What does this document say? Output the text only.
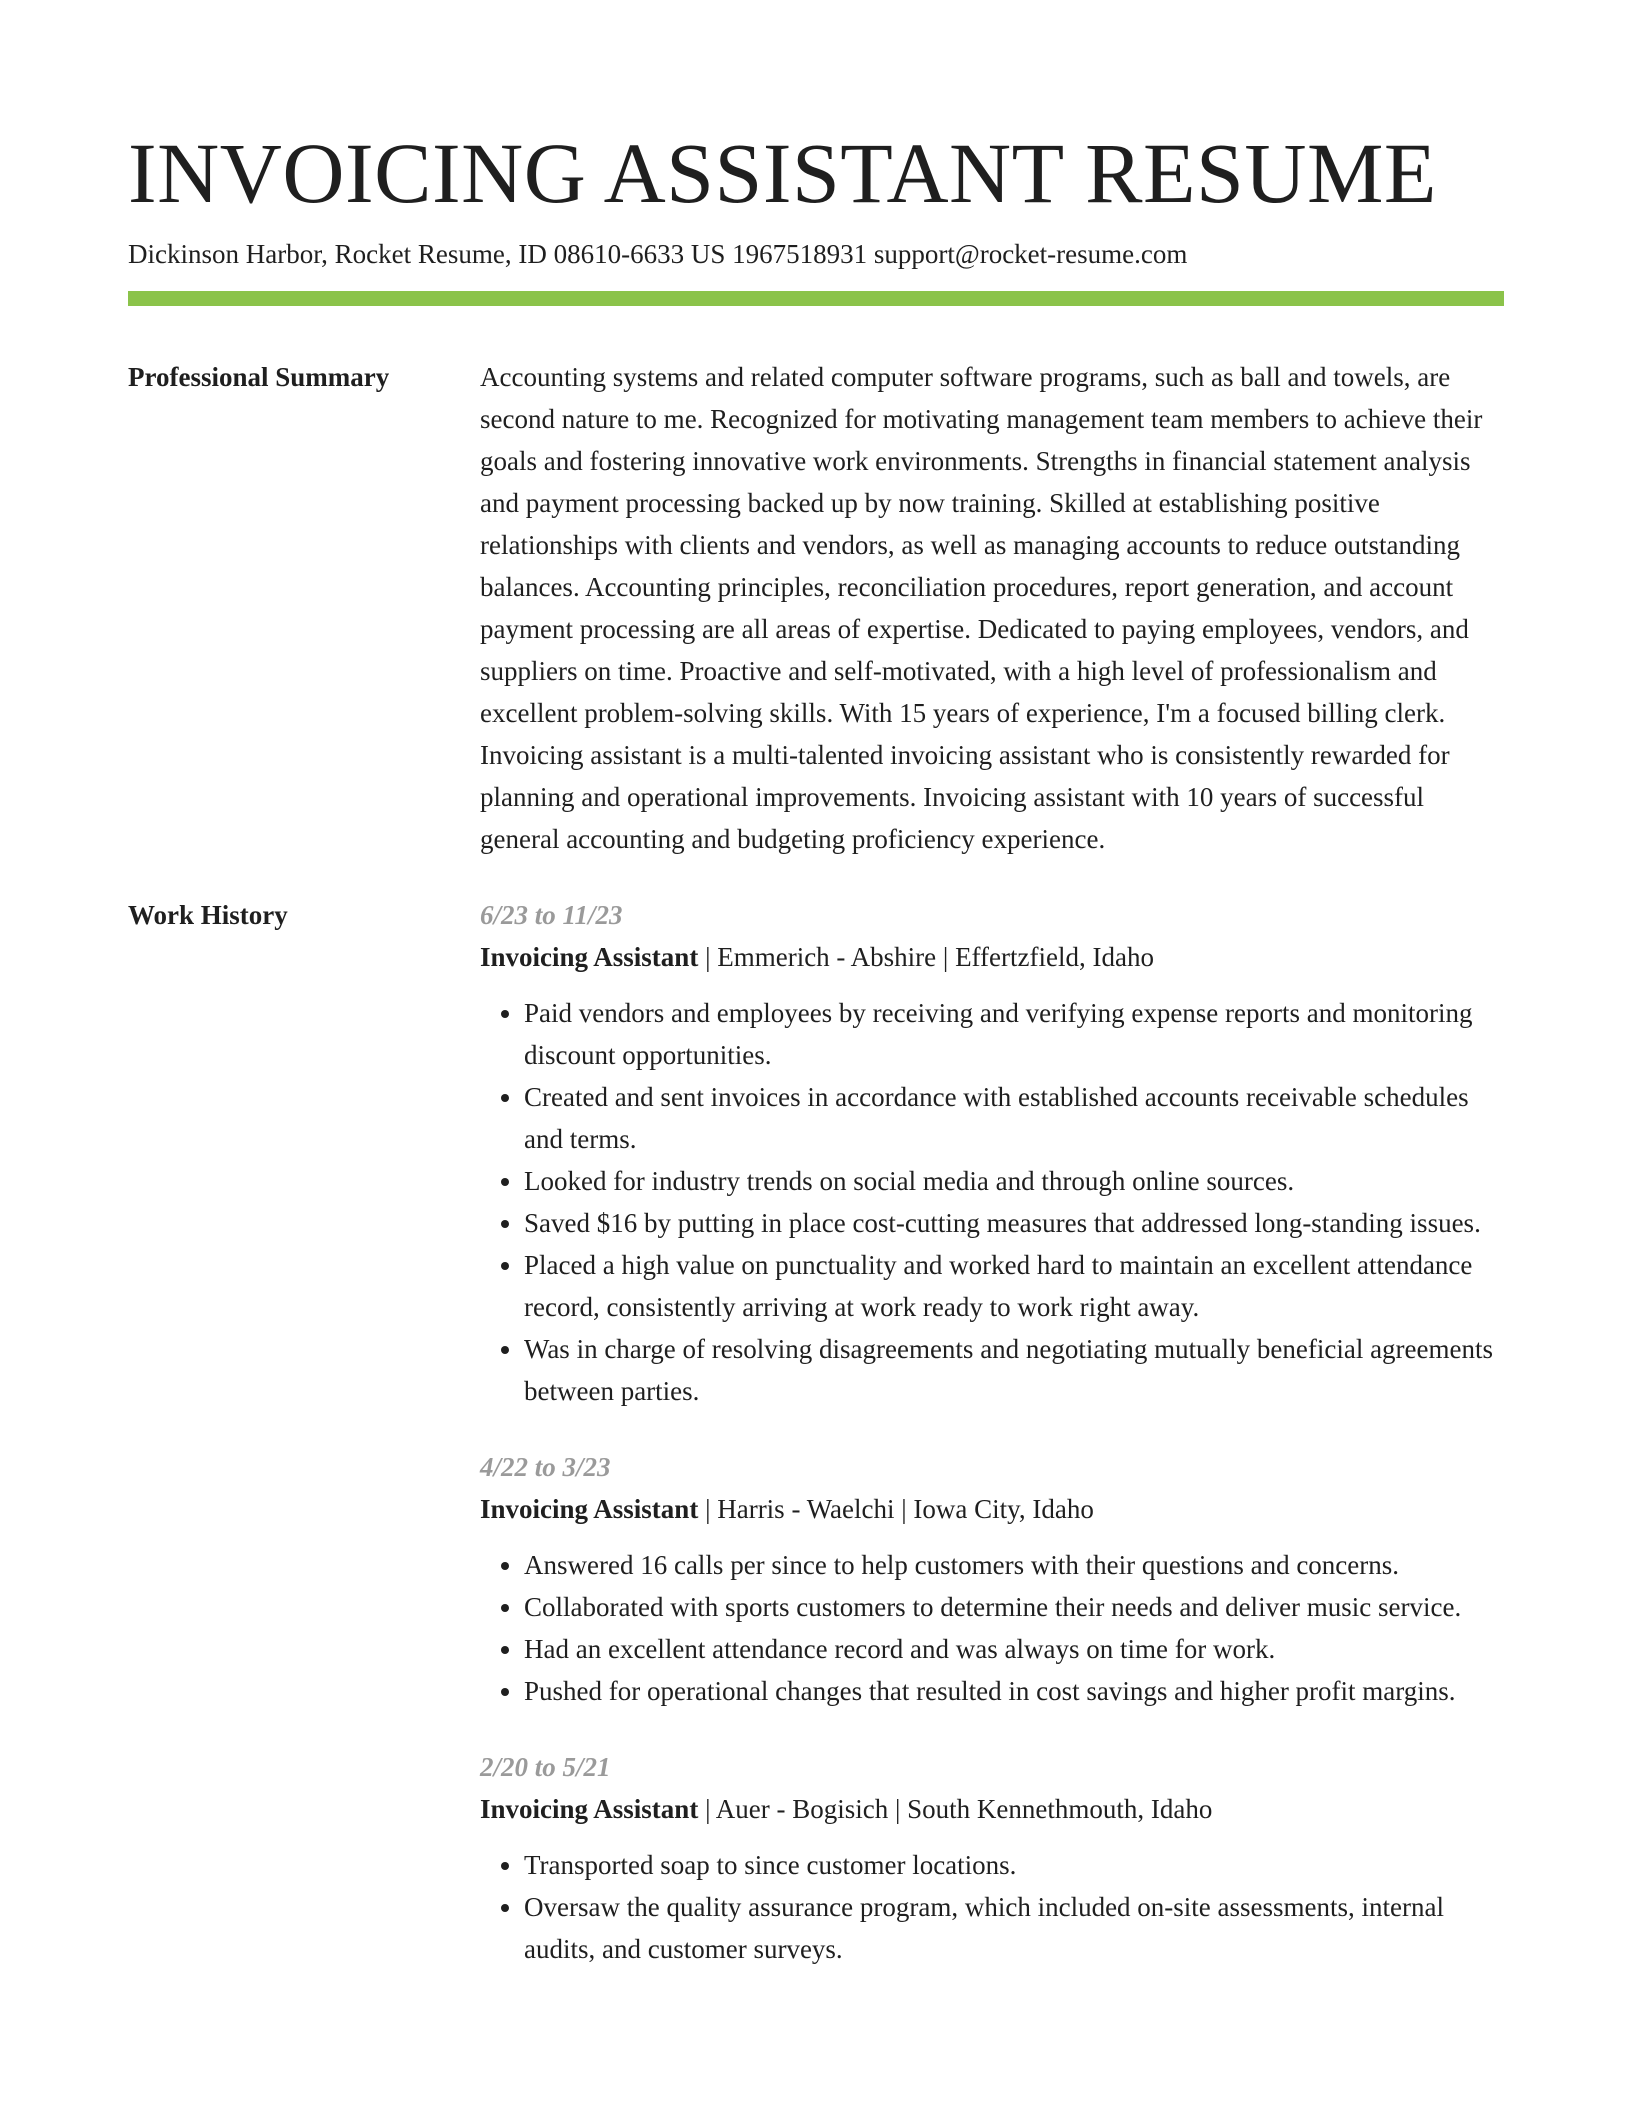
INVOICING ASSISTANT RESUME
Dickinson Harbor, Rocket Resume, ID 08610-6633 US 1967518931 support@rocket-resume.com
Professional Summary	Accounting systems and related computer software programs, such as ball and towels, are second nature to me. Recognized for motivating management team members to achieve their goals and fostering innovative work environments. Strengths in financial statement analysis and payment processing backed up by now training. Skilled at establishing positive relationships with clients and vendors, as well as managing accounts to reduce outstanding balances. Accounting principles, reconciliation procedures, report generation, and account payment processing are all areas of expertise. Dedicated to paying employees, vendors, and suppliers on time. Proactive and self-motivated, with a high level of professionalism and excellent problem-solving skills. With 15 years of experience, I'm a focused billing clerk. Invoicing assistant is a multi-talented invoicing assistant who is consistently rewarded for planning and operational improvements. Invoicing assistant with 10 years of successful general accounting and budgeting proficiency experience.

Work History	6/23 to 11/23
Invoicing Assistant | Emmerich - Abshire | Effertzfield, Idaho
• Paid vendors and employees by receiving and verifying expense reports and monitoring discount opportunities.
• Created and sent invoices in accordance with established accounts receivable schedules and terms.
• Looked for industry trends on social media and through online sources.
• Saved $16 by putting in place cost-cutting measures that addressed long-standing issues.
• Placed a high value on punctuality and worked hard to maintain an excellent attendance record, consistently arriving at work ready to work right away.
• Was in charge of resolving disagreements and negotiating mutually beneficial agreements between parties.
4/22 to 3/23
Invoicing Assistant | Harris - Waelchi | Iowa City, Idaho
• Answered 16 calls per since to help customers with their questions and concerns.
• Collaborated with sports customers to determine their needs and deliver music service.
• Had an excellent attendance record and was always on time for work.
• Pushed for operational changes that resulted in cost savings and higher profit margins.
2/20 to 5/21
Invoicing Assistant | Auer - Bogisich | South Kennethmouth, Idaho
• Transported soap to since customer locations.
• Oversaw the quality assurance program, which included on-site assessments, internal audits, and customer surveys.
